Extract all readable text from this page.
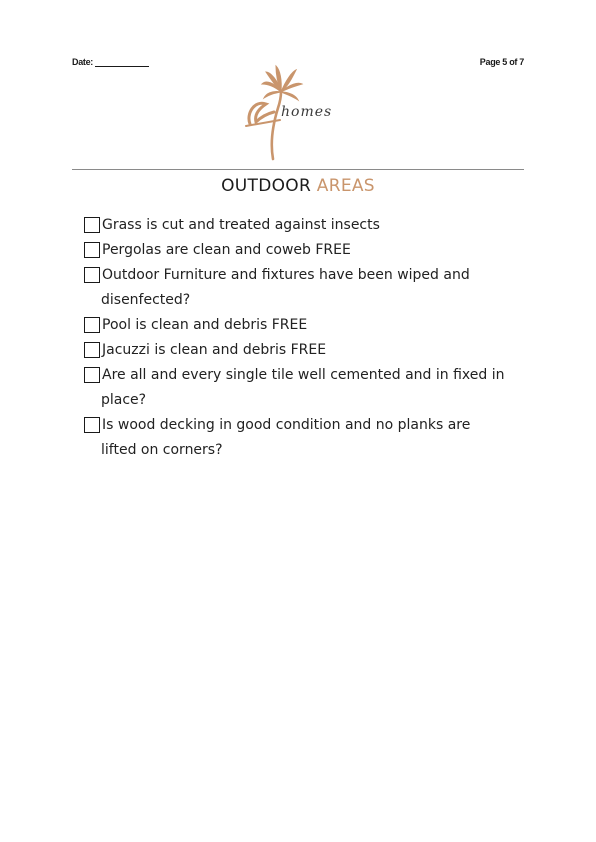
Date:	Page 5 of 7
homes
OUTDOOR AREAS
Grass is cut and treated against insects
Pergolas are clean and coweb FREE
Outdoor Furniture and fixtures have been wiped and
disenfected?
Pool is clean and debris FREE
Jacuzzi is clean and debris FREE
Are all and every single tile well cemented and in fixed in
place?
Is wood decking in good condition and no planks are
lifted on corners?
